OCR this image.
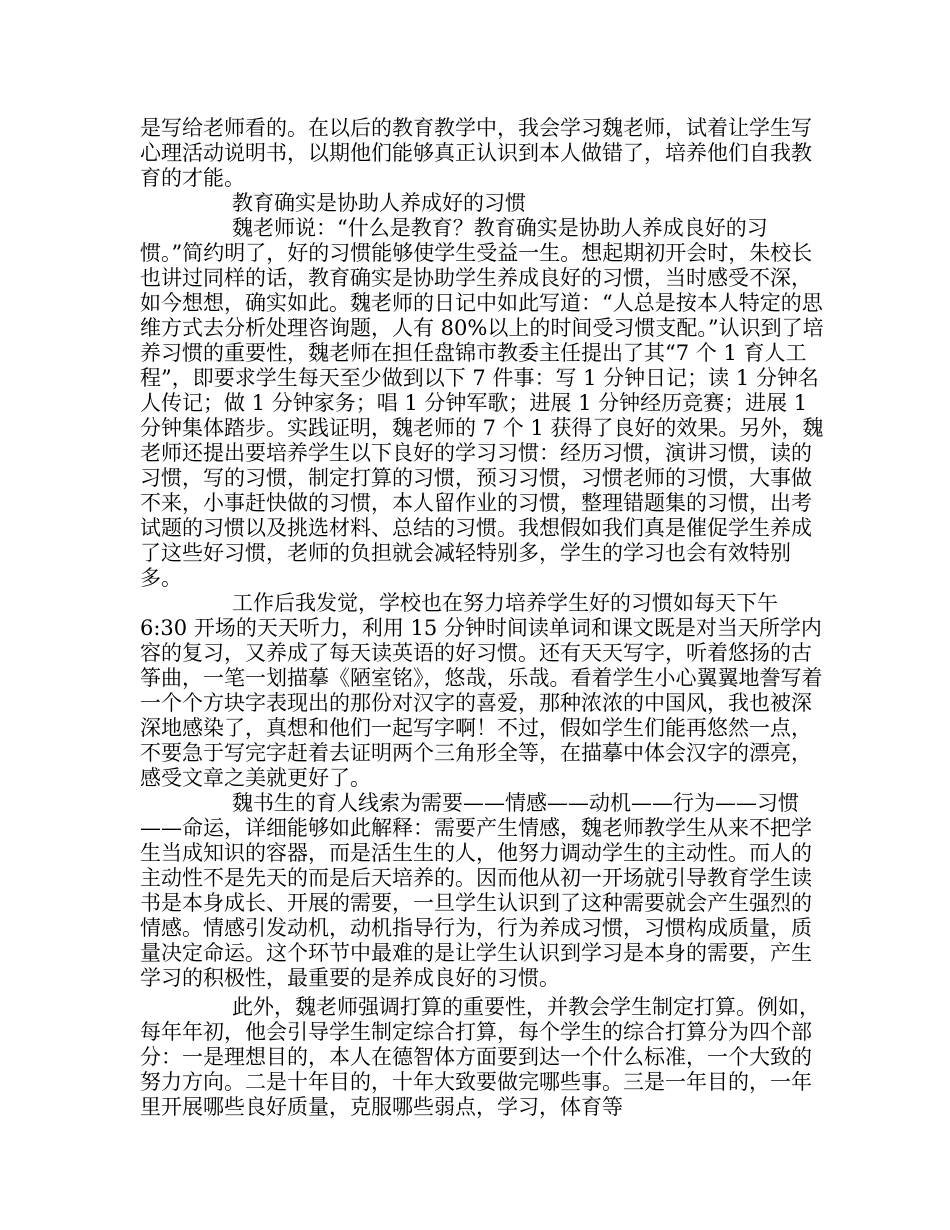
是写给老师看的。在以后的教育教学中，我会学习魏老师，试着让学生写心理活动说明书，以期他们能够真正认识到本人做错了，培养他们自我教育的才能。

教育确实是协助人养成好的习惯

魏老师说：“什么是教育？教育确实是协助人养成良好的习惯。”简约明了，好的习惯能够使学生受益一生。想起期初开会时，朱校长也讲过同样的话，教育确实是协助学生养成良好的习惯，当时感受不深，如今想想，确实如此。魏老师的日记中如此写道：“人总是按本人特定的思维方式去分析处理咨询题，人有 80%以上的时间受习惯支配。”认识到了培养习惯的重要性，魏老师在担任盘锦市教委主任提出了其“7 个 1 育人工程”，即要求学生每天至少做到以下 7 件事：写 1 分钟日记；读 1 分钟名人传记；做 1 分钟家务；唱 1 分钟军歌；进展 1 分钟经历竞赛；进展 1 分钟集体踏步。实践证明，魏老师的 7 个 1 获得了良好的效果。另外，魏老师还提出要培养学生以下良好的学习习惯：经历习惯，演讲习惯，读的习惯，写的习惯，制定打算的习惯，预习习惯，习惯老师的习惯，大事做不来，小事赶快做的习惯，本人留作业的习惯，整理错题集的习惯，出考试题的习惯以及挑选材料、总结的习惯。我想假如我们真是催促学生养成了这些好习惯，老师的负担就会减轻特别多，学生的学习也会有效特别多。

工作后我发觉，学校也在努力培养学生好的习惯如每天下午 6:30 开场的天天听力，利用 15 分钟时间读单词和课文既是对当天所学内容的复习，又养成了每天读英语的好习惯。还有天天写字，听着悠扬的古筝曲，一笔一划描摹《陋室铭》，悠哉，乐哉。看着学生小心翼翼地誊写着一个个方块字表现出的那份对汉字的喜爱，那种浓浓的中国风，我也被深深地感染了，真想和他们一起写字啊！不过，假如学生们能再悠然一点，不要急于写完字赶着去证明两个三角形全等，在描摹中体会汉字的漂亮，感受文章之美就更好了。

魏书生的育人线索为需要——情感——动机——行为——习惯——命运，详细能够如此解释：需要产生情感，魏老师教学生从来不把学生当成知识的容器，而是活生生的人，他努力调动学生的主动性。而人的主动性不是先天的而是后天培养的。因而他从初一开场就引导教育学生读书是本身成长、开展的需要，一旦学生认识到了这种需要就会产生强烈的情感。情感引发动机，动机指导行为，行为养成习惯，习惯构成质量，质量决定命运。这个环节中最难的是让学生认识到学习是本身的需要，产生学习的积极性，最重要的是养成良好的习惯。

此外，魏老师强调打算的重要性，并教会学生制定打算。例如，每年年初，他会引导学生制定综合打算，每个学生的综合打算分为四个部分：一是理想目的，本人在德智体方面要到达一个什么标准，一个大致的努力方向。二是十年目的，十年大致要做完哪些事。三是一年目的，一年里开展哪些良好质量，克服哪些弱点，学习，体育等
